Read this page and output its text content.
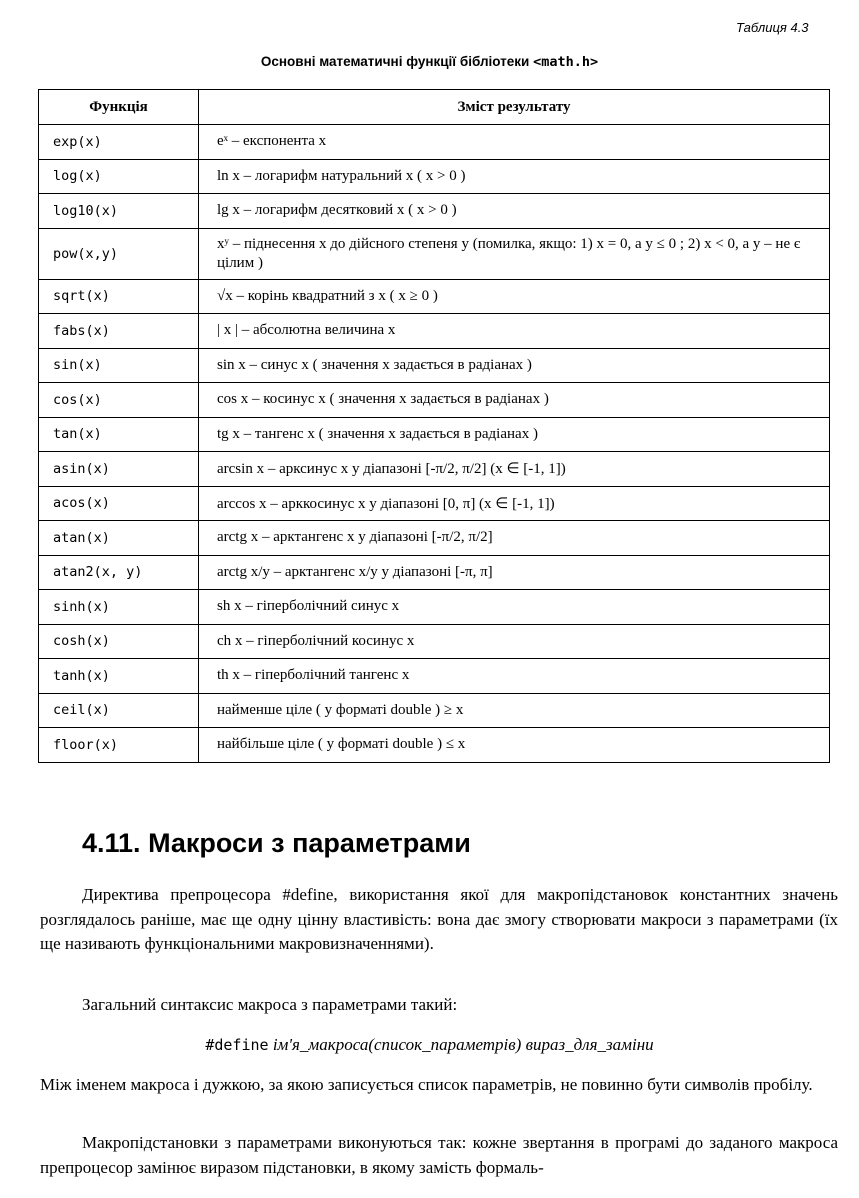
Таблиця 4.3
Основні математичні функції бібліотеки <math.h>
Функція	Зміст результату
exp(x)	eˣ – експонента x
log(x)	ln x – логарифм натуральний x ( x > 0 )
log10(x)	lg x – логарифм десятковий x ( x > 0 )
pow(x,y)	xʸ – піднесення x до дійсного степеня y (помилка, якщо: 1) x = 0, a y ≤ 0 ; 2) x < 0, a y – не є цілим )
sqrt(x)	√x – корінь квадратний з x ( x ≥ 0 )
fabs(x)	| x | – абсолютна величина x
sin(x)	sin x – синус x ( значення x задається в радіанах )
cos(x)	cos x – косинус x ( значення x задається в радіанах )
tan(x)	tg x – тангенс x ( значення x задається в радіанах )
asin(x)	arcsin x – арксинус x у діапазоні [-π/2, π/2] (x ∈ [-1, 1])
acos(x)	arccos x – арккосинус x у діапазоні [0, π] (x ∈ [-1, 1])
atan(x)	arctg x – арктангенс x у діапазоні [-π/2, π/2]
atan2(x, y)	arctg x/y – арктангенс x/y у діапазоні [-π, π]
sinh(x)	sh x – гіперболічний синус x
cosh(x)	ch x – гіперболічний косинус x
tanh(x)	th x – гіперболічний тангенс x
ceil(x)	найменше ціле ( у форматі double ) ≥ x
floor(x)	найбільше ціле ( у форматі double ) ≤ x
4.11. Макроси з параметрами
Директива препроцесора #define, використання якої для макропідстановок константних значень розглядалось раніше, має ще одну цінну властивість: вона дає змогу створювати макроси з параметрами (їх ще називають функціональними макровизначеннями).
Загальний синтаксис макроса з параметрами такий:
#define ім'я_макроса(список_параметрів) вираз_для_заміни
Між іменем макроса і дужкою, за якою записується список параметрів, не повинно бути символів пробілу.
Макропідстановки з параметрами виконуються так: кожне звертання в програмі до заданого макроса препроцесор замінює виразом підстановки, в якому замість формаль-
